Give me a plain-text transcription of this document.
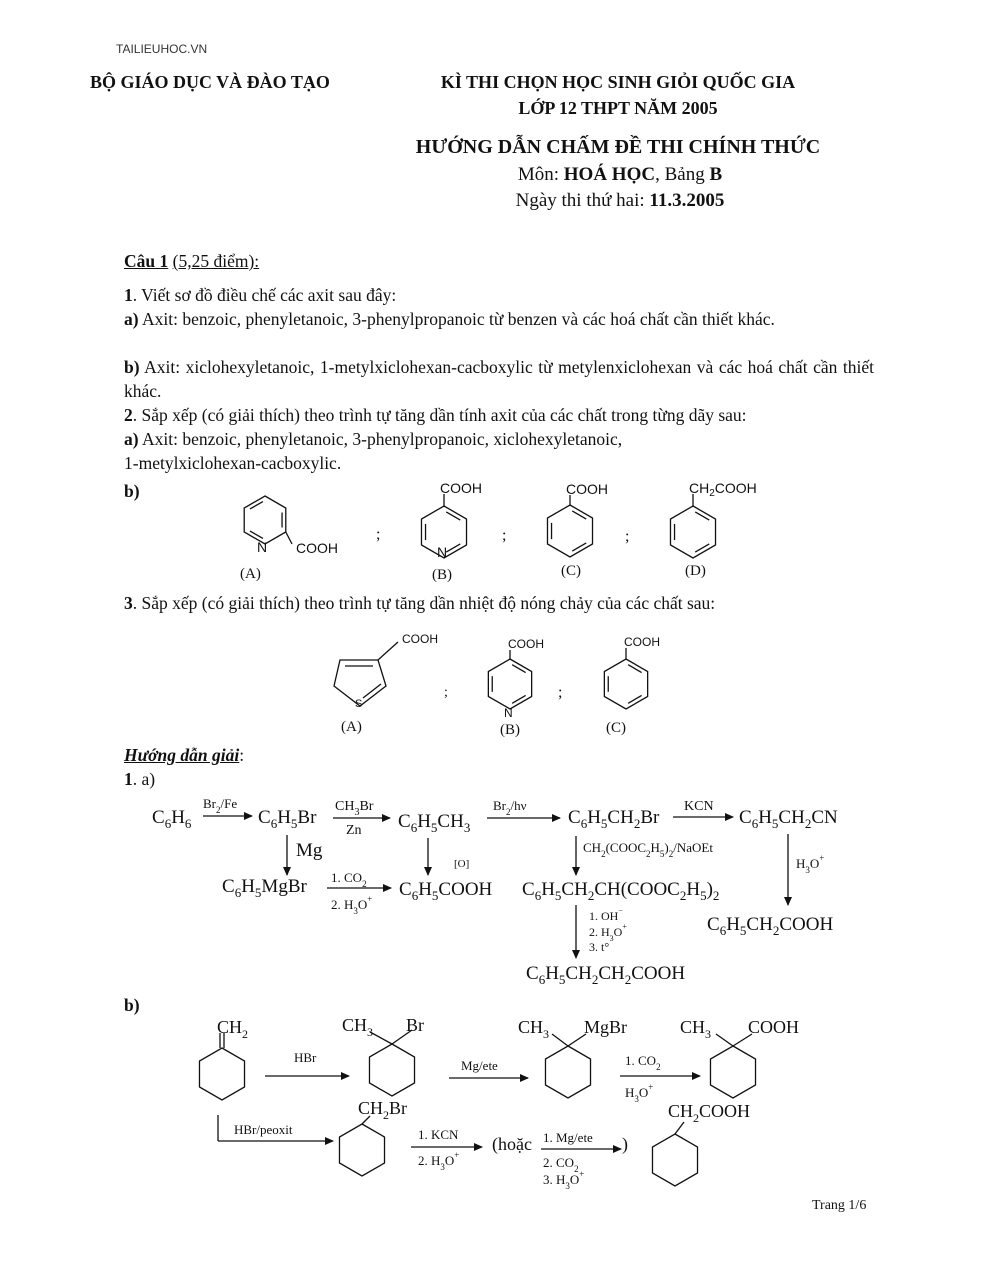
TAILIEUHOC.VN
BỘ GIÁO DỤC VÀ ĐÀO TẠO	KÌ THI CHỌN HỌC SINH GIỎI QUỐC GIA
LỚP 12 THPT NĂM 2005
HƯỚNG DẪN CHẤM ĐỀ THI CHÍNH THỨC
Môn: HOÁ HỌC, Bảng B
Ngày thi thứ hai: 11.3.2005
Câu 1 (5,25 điểm):
1. Viết sơ đồ điều chế các axit sau đây:
a) Axit: benzoic, phenyletanoic, 3-phenylpropanoic từ benzen và các hoá chất cần thiết khác.
b) Axit: xiclohexyletanoic, 1-metylxiclohexan-cacboxylic từ metylenxiclohexan và các hoá chất cần thiết khác.
2. Sắp xếp (có giải thích) theo trình tự tăng dần tính axit của các chất trong từng dãy sau:
a) Axit: benzoic, phenyletanoic, 3-phenylpropanoic, xiclohexyletanoic,
1-metylxiclohexan-cacboxylic.
b)
3. Sắp xếp (có giải thích) theo trình tự tăng dần nhiệt độ nóng chảy của các chất sau:
Hướng dẫn giải:
1. a)
b)
Trang 1/6
N COOH
(A)
;
COOH
N
(B)
;
COOH
(C)
;
$CH_2COOH$
(D)
COOH
S
(A)
;
COOH
N
(B)
;
COOH
(C)
$C_6H_6$
$Br_2/Fe$
$C_6H_5Br$
$CH_3Br$
Zn $C_6H_5CH_3$
$Br_2/h\nu$
$C_6H_5CH_2Br$
KCN
$C_6H_5CH_2CN$
Mg
[O]
$CH_2(COOC_2H_5)_2$/NaOEt
$H_3O^+$
$C_6H_5MgBr$ 1. $CO_2$
2. $H_3O^+$ $C_6H_5COOH$ $C_6H_5CH_2CH(COOC_2H_5)_2$
1. OH−
2. $H_3O^+$
3. t°
$C_6H_5CH_2COOH$
$C_6H_5CH_2CH_2COOH$
$CH_2$
HBr
$CH_3$ Br
Mg/ete
$CH_3$ MgBr
1. $CO_2$
$H_3O^+$
$CH_3$ COOH
HBr/peoxit
$CH_2Br$
1. KCN
2. $H_3O^+$
(hoặc 1. Mg/ete
2. $CO_2$
3. $H_3O^+$
)
$CH_2COOH$
